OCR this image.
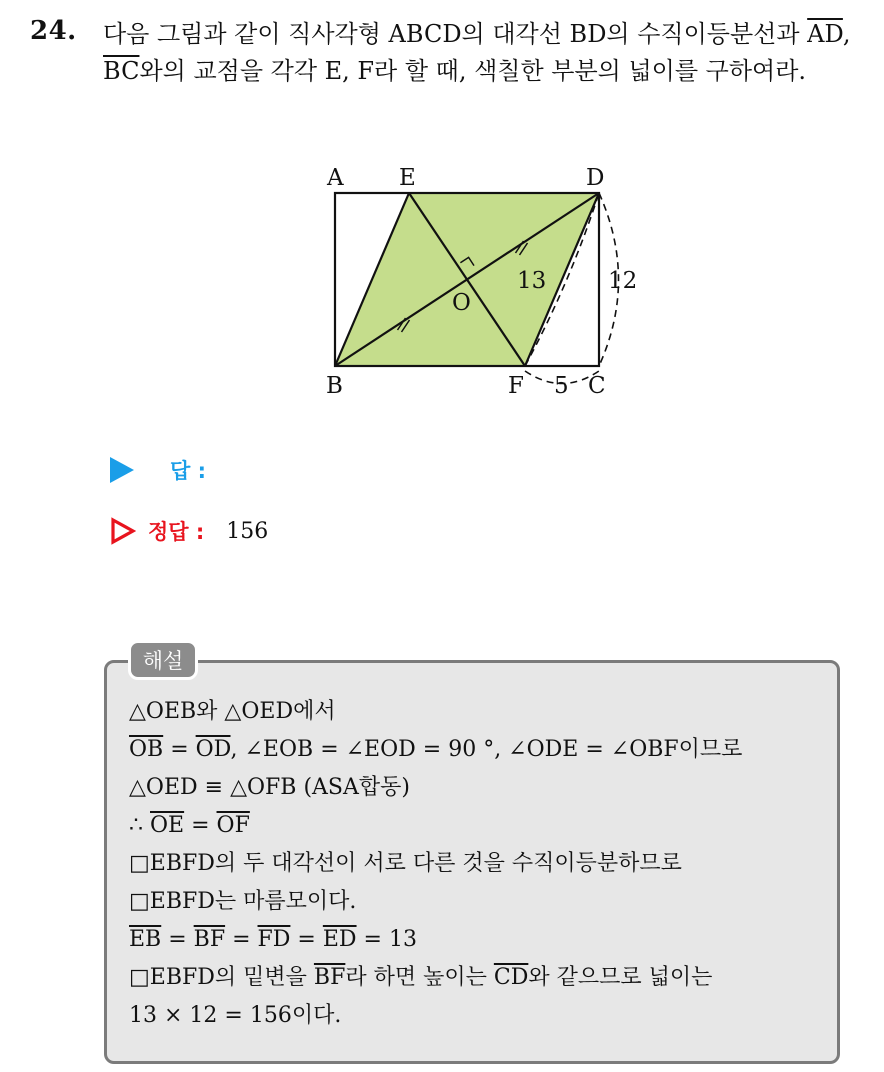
24. 다음 그림과 같이 직사각형 ABCD의 대각선 BD의 수직이등분선과 $\overline{AD}$, $\overline{BC}$와의 교점을 각각 E, F라 할 때, 색칠한 부분의 넓이를 구하여라.
A E	D
B	F	C
O
13	12
5
답 :
정답 : 156
△OEB와 △OED에서
$\overline{OB} = \overline{OD}$, ∠EOB = ∠EOD = 90 °, ∠ODE = ∠OBF이므로
△OED ≡ △OFB (ASA합동)
∴ $\overline{OE} = \overline{OF}$
□EBFD의 두 대각선이 서로 다른 것을 수직이등분하므로
□EBFD는 마름모이다.
$\overline{EB} = \overline{BF} = \overline{FD} = \overline{ED} = 13$
□EBFD의 밑변을 $\overline{BF}$라 하면 높이는 $\overline{CD}$와 같으므로 넓이는
13 × 12 = 156이다.
해설
